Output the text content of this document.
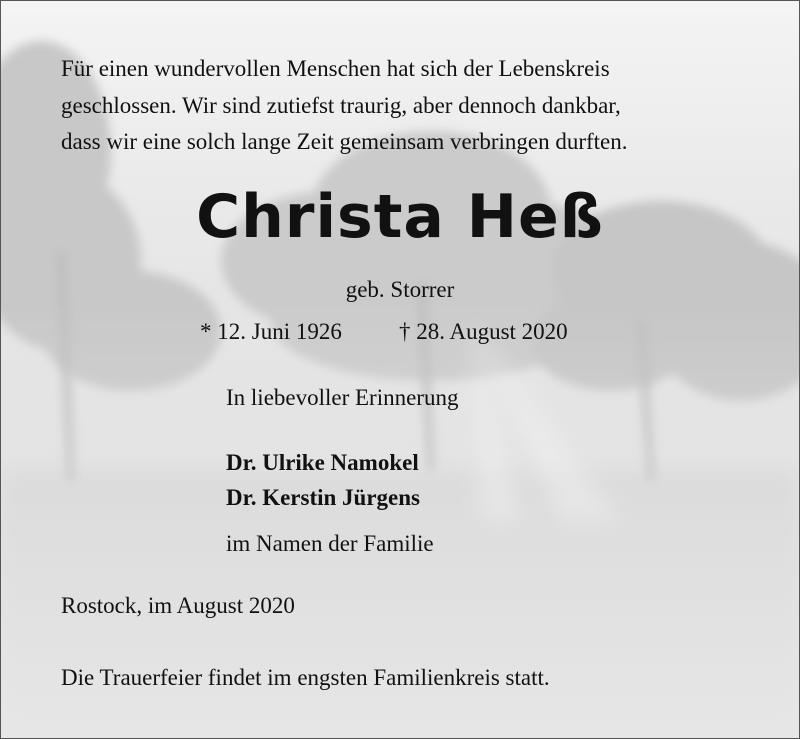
Für einen wundervollen Menschen hat sich der Lebenskreis
geschlossen. Wir sind zutiefst traurig, aber dennoch dankbar,
dass wir eine solch lange Zeit gemeinsam verbringen durften.
Christa Heß
geb. Storrer
* 12. Juni 1926 † 28. August 2020
In liebevoller Erinnerung
Dr. Ulrike Namokel
Dr. Kerstin Jürgens
im Namen der Familie
Rostock, im August 2020
Die Trauerfeier findet im engsten Familienkreis statt.
